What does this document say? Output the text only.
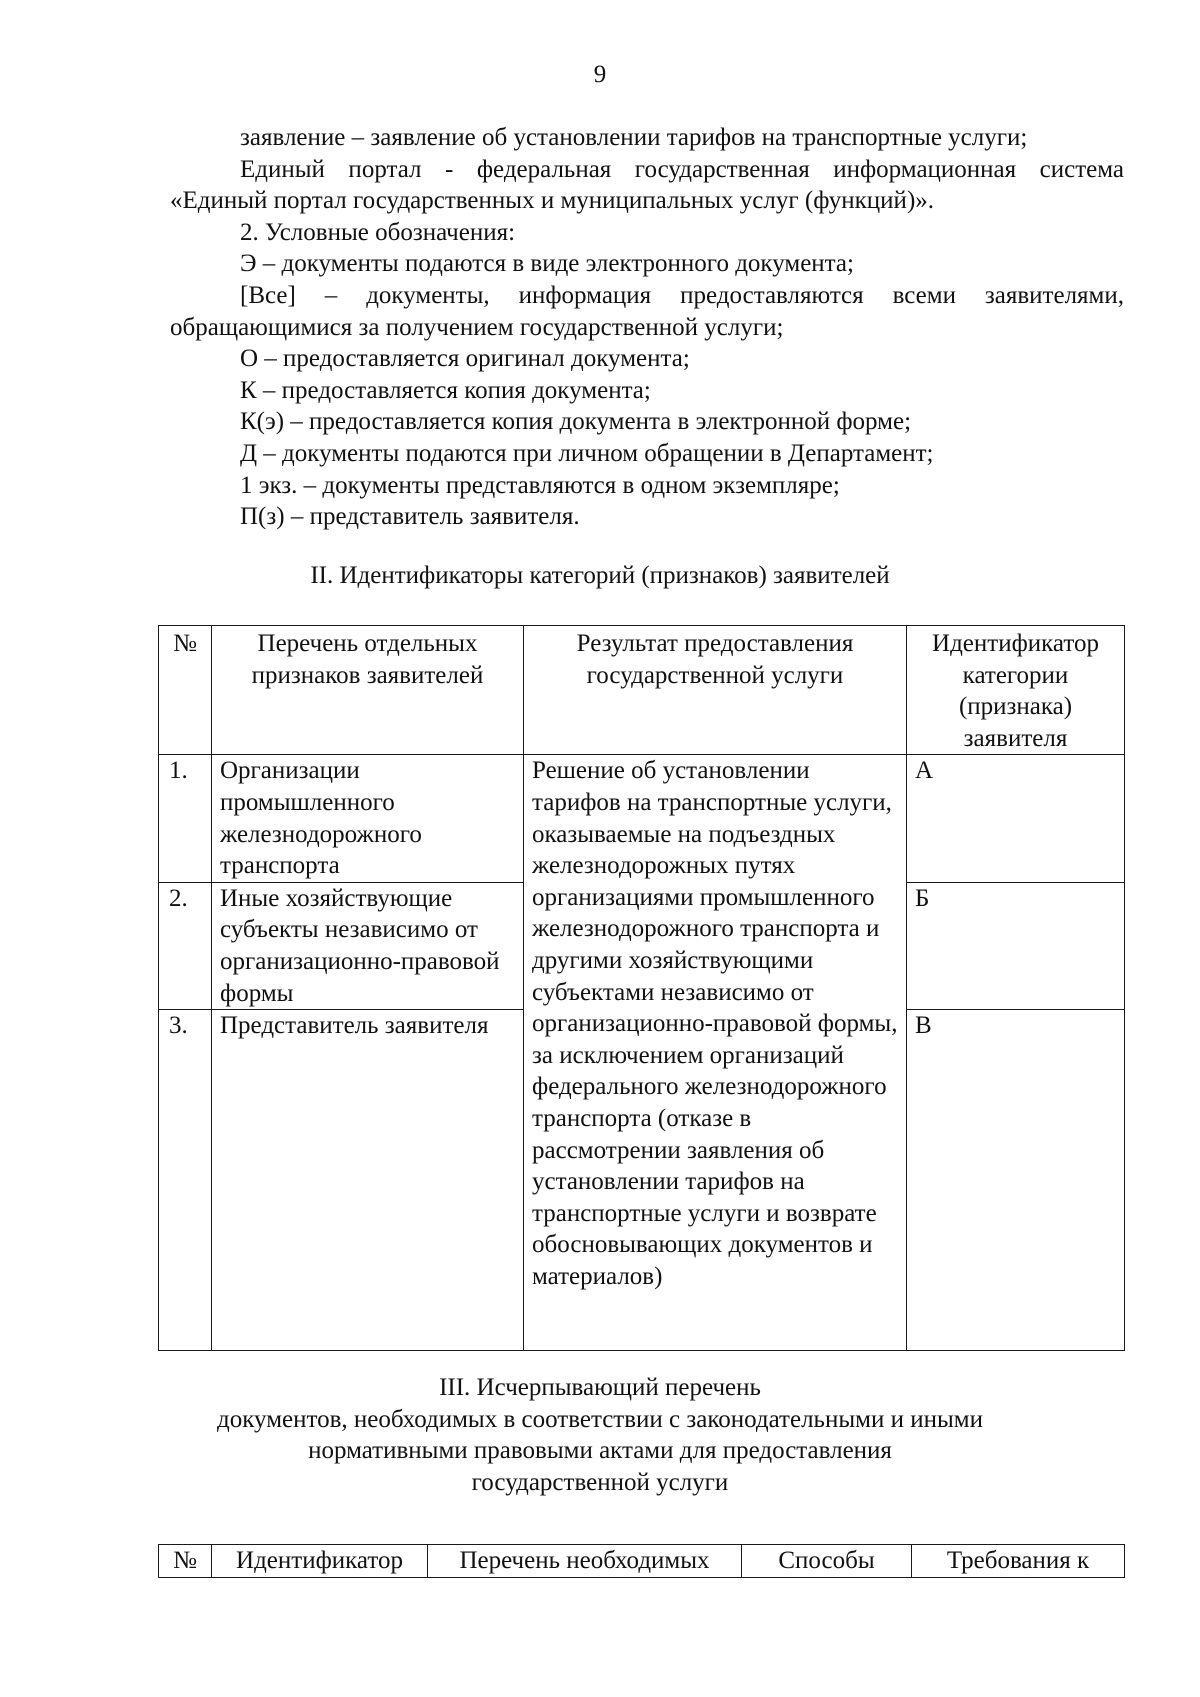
9

заявление – заявление об установлении тарифов на транспортные услуги;

Единый портал - федеральная государственная информационная система

«Единый портал государственных и муниципальных услуг (функций)».

2. Условные обозначения:

Э – документы подаются в виде электронного документа;

[Все] – документы, информация предоставляются всеми заявителями,

обращающимися за получением государственной услуги;

О – предоставляется оригинал документа;

К – предоставляется копия документа;

К(э) – предоставляется копия документа в электронной форме;

Д – документы подаются при личном обращении в Департамент;

1 экз. – документы представляются в одном экземпляре;

П(з) – представитель заявителя.

II. Идентификаторы категорий (признаков) заявителей

№	Перечень отдельных признаков заявителей	Результат предоставления государственной услуги	Идентификатор категории (признака) заявителя
1.	Организации промышленного железнодорожного транспорта	Решение об установлении тарифов на транспортные услуги, оказываемые на подъездных железнодорожных путях организациями промышленного железнодорожного транспорта и другими хозяйствующими субъектами независимо от организационно-правовой формы, за исключением организаций федерального железнодорожного транспорта (отказе в рассмотрении заявления об установлении тарифов на транспортные услуги и возврате обосновывающих документов и материалов)	А
2.	Иные хозяйствующие субъекты независимо от организационно-правовой формы		Б
3.	Представитель заявителя		В
III. Исчерпывающий перечень
документов, необходимых в соответствии с законодательными и иными
нормативными правовыми актами для предоставления
государственной услуги
№	Идентификатор	Перечень необходимых	Способы	Требования к
